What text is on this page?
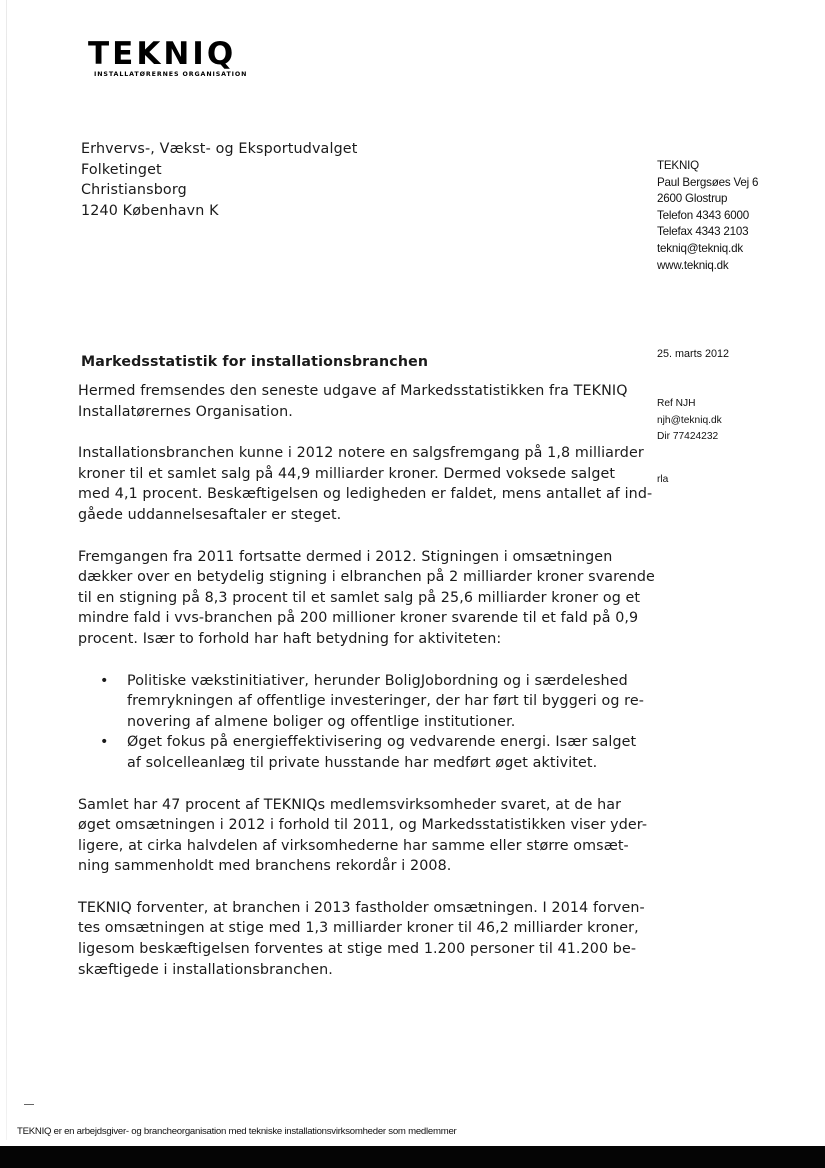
TEKNIQ
INSTALLATØRERNES ORGANISATION
Erhvervs-, Vækst- og Eksportudvalget
Folketinget
Christiansborg
1240 København K
TEKNIQ
Paul Bergsøes Vej 6
2600 Glostrup
Telefon 4343 6000
Telefax 4343 2103
tekniq@tekniq.dk
www.tekniq.dk
25. marts 2012
Ref NJH
njh@tekniq.dk
Dir 77424232
rla
Markedsstatistik for installationsbranchen

Hermed fremsendes den seneste udgave af Markedsstatistikken fra TEKNIQ
Installatørernes Organisation.

Installationsbranchen kunne i 2012 notere en salgsfremgang på 1,8 milliarder
kroner til et samlet salg på 44,9 milliarder kroner. Dermed voksede salget
med 4,1 procent. Beskæftigelsen og ledigheden er faldet, mens antallet af ind-
gåede uddannelsesaftaler er steget.

Fremgangen fra 2011 fortsatte dermed i 2012. Stigningen i omsætningen
dækker over en betydelig stigning i elbranchen på 2 milliarder kroner svarende
til en stigning på 8,3 procent til et samlet salg på 25,6 milliarder kroner og et
mindre fald i vvs-branchen på 200 millioner kroner svarende til et fald på 0,9
procent. Især to forhold har haft betydning for aktiviteten:

• Politiske vækstinitiativer, herunder BoligJobordning og i særdeleshed
fremrykningen af offentlige investeringer, der har ført til byggeri og re-
novering af almene boliger og offentlige institutioner.
• Øget fokus på energieffektivisering og vedvarende energi. Især salget
af solcelleanlæg til private husstande har medført øget aktivitet.

Samlet har 47 procent af TEKNIQs medlemsvirksomheder svaret, at de har
øget omsætningen i 2012 i forhold til 2011, og Markedsstatistikken viser yder-
ligere, at cirka halvdelen af virksomhederne har samme eller større omsæt-
ning sammenholdt med branchens rekordår i 2008.

TEKNIQ forventer, at branchen i 2013 fastholder omsætningen. I 2014 forven-
tes omsætningen at stige med 1,3 milliarder kroner til 46,2 milliarder kroner,
ligesom beskæftigelsen forventes at stige med 1.200 personer til 41.200 be-
skæftigede i installationsbranchen.

TEKNIQ er en arbejdsgiver- og brancheorganisation med tekniske installationsvirksomheder som medlemmer
